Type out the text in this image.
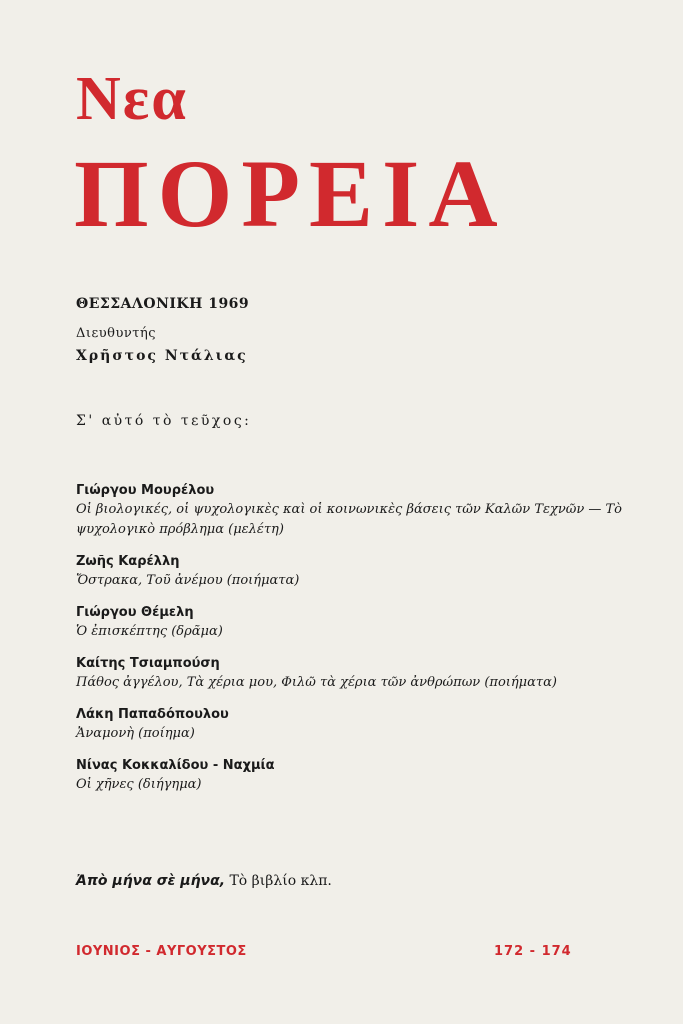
Νεα
ΠΟΡΕΙΑ
ΘΕΣΣΑΛΟΝΙΚΗ 1969
Διευθυντής
Χρῆστος Ντάλιας
Σ' αὐτό τὸ τεῦχος:
Γιώργου Μουρέλου
Οἱ βιολογικές, οἱ ψυχολογικὲς καὶ οἱ κοινωνικὲς βάσεις τῶν Καλῶν Τεχνῶν — Τὸ ψυχολογικὸ πρόβλημα (μελέτη)
Ζωῆς Καρέλλη
Ὄστρακα, Τοῦ ἀνέμου (ποιήματα)
Γιώργου Θέμελη
Ὁ ἐπισκέπτης (δρᾶμα)
Καίτης Τσιαμπούση
Πάθος ἀγγέλου, Τὰ χέρια μου, Φιλῶ τὰ χέρια τῶν ἀνθρώπων (ποιήματα)
Λάκη Παπαδόπουλου
Ἀναμονὴ (ποίημα)
Νίνας Κοκκαλίδου - Ναχμία
Οἱ χῆνες (διήγημα)
Ἀπὸ μήνα σὲ μήνα, Τὸ βιβλίο κλπ.
ΙΟΥΝΙΟΣ - ΑΥΓΟΥΣΤΟΣ	172 - 174
